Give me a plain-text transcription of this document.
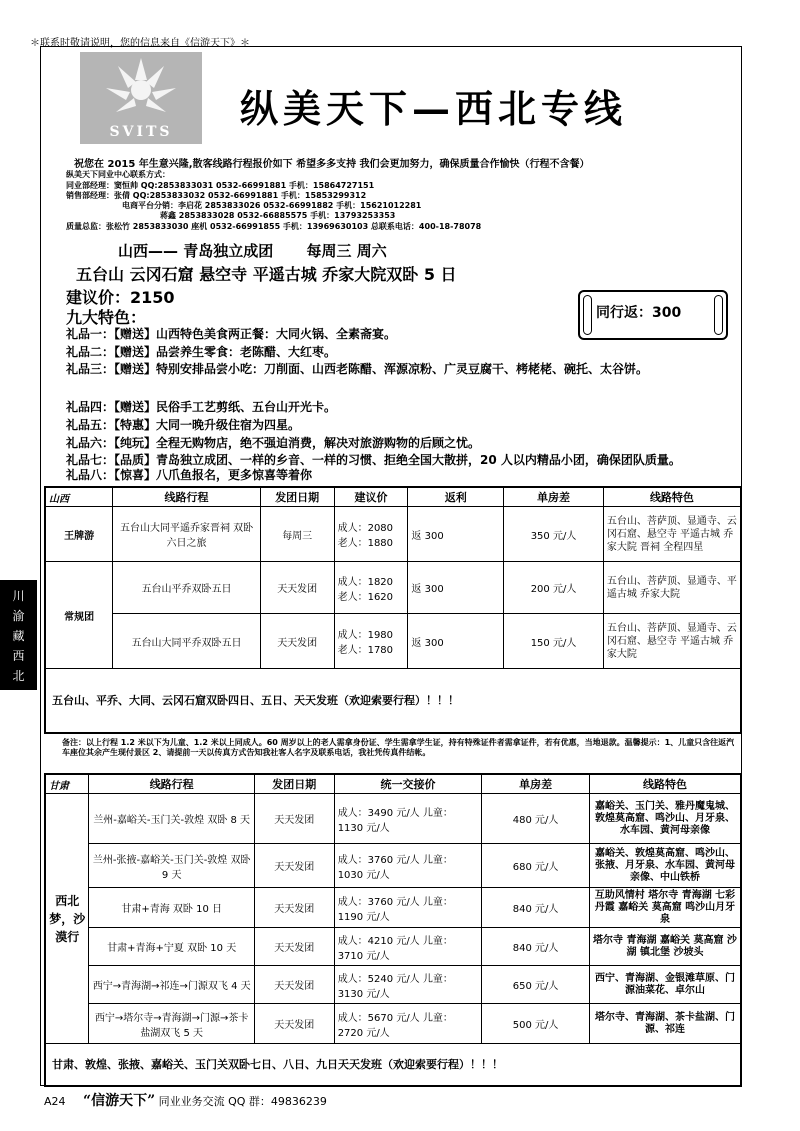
＊联系时敬请说明，您的信息来自《信游天下》＊
SVITS
纵美天下—西北专线
祝您在 2015 年生意兴隆,散客线路行程报价如下 希望多多支持 我们会更加努力，确保质量合作愉快（行程不含餐）
纵美天下同业中心联系方式：
同业部经理：窦恒帅 QQ:2853833031 0532-66991881 手机：15864727151
销售部经理：张倩 QQ:2853833032 0532-66991881 手机：15853299312
电商平台分销：李启花 2853833026 0532-66991882 手机：15621012281
蒋鑫 2853833028 0532-66885575 手机：13793253353
质量总监：张松竹 2853833030 座机 0532-66991855 手机：13969630103 总联系电话：400-18-78078
山西—— 青岛独立成团 每周三 周六
五台山 云冈石窟 悬空寺 平遥古城 乔家大院双卧 5 日
建议价：2150
九大特色：	同行返：300
礼品一：【赠送】山西特色美食两正餐：大同火锅、全素斋宴。
礼品二：【赠送】品尝养生零食：老陈醋、大红枣。
礼品三：【赠送】特别安排品尝小吃：刀削面、山西老陈醋、浑源凉粉、广灵豆腐干、栲栳栳、碗托、太谷饼。
礼品四：【赠送】民俗手工艺剪纸、五台山开光卡。
礼品五：【特惠】大同一晚升级住宿为四星。
礼品六：【纯玩】全程无购物店，绝不强迫消费，解决对旅游购物的后顾之忧。
礼品七：【品质】青岛独立成团、一样的乡音、一样的习惯、拒绝全国大散拼，20 人以内精品小团，确保团队质量。
礼品八：【惊喜】八爪鱼报名，更多惊喜等着你
山西	线路行程	发团日期	建议价	返利	单房差	线路特色
王牌游	五台山大同平遥乔家晋祠 双卧六日之旅	每周三	成人：2080 老人：1880	返 300	350 元/人	五台山、菩萨顶、显通寺、云冈石窟、悬空寺 平遥古城 乔家大院 晋祠 全程四星
常规团	五台山平乔双卧五日	天天发团	成人：1820 老人：1620	返 300	200 元/人	五台山、菩萨顶、显通寺、平遥古城 乔家大院
	五台山大同平乔双卧五日	天天发团	成人：1980 老人：1780	返 300	150 元/人	五台山、菩萨顶、显通寺、云冈石窟、悬空寺 平遥古城 乔家大院
五台山、平乔、大同、云冈石窟双卧四日、五日、天天发班（欢迎索要行程）！！！						
备注：以上行程 1.2 米以下为儿童、1.2 米以上同成人。60 周岁以上的老人需拿身份证、学生需拿学生证，持有特殊证件者需拿证件，若有优惠，当地退款。温馨提示：1、儿童只含往返汽车座位其余产生现付景区 2、请提前一天以传真方式告知我社客人名字及联系电话，我社凭传真件结帐。
甘肃	线路行程	发团日期	统一交接价	单房差	线路特色
西北梦，沙漠行	兰州-嘉峪关-玉门关-敦煌 双卧 8 天	天天发团	成人：3490 元/人 儿童：1130 元/人	480 元/人	嘉峪关、玉门关、雅丹魔鬼城、敦煌莫高窟、鸣沙山、月牙泉、水车园、黄河母亲像
	兰州-张掖-嘉峪关-玉门关-敦煌 双卧 9 天	天天发团	成人：3760 元/人 儿童：1030 元/人	680 元/人	嘉峪关、敦煌莫高窟、鸣沙山、张掖、月牙泉、水车园、黄河母亲像、中山铁桥
	甘肃+青海 双卧 10 日	天天发团	成人：3760 元/人 儿童：1190 元/人	840 元/人	互助风情村 塔尔寺 青海湖 七彩丹霞 嘉峪关 莫高窟 鸣沙山月牙泉
	甘肃+青海+宁夏 双卧 10 天	天天发团	成人：4210 元/人 儿童：3710 元/人	840 元/人	塔尔寺 青海湖 嘉峪关 莫高窟 沙湖 镇北堡 沙坡头
	西宁→青海湖→祁连→门源双飞 4 天	天天发团	成人：5240 元/人 儿童：3130 元/人	650 元/人	西宁、青海湖、金银滩草原、门源油菜花、卓尔山
	西宁→塔尔寺→青海湖→门源→茶卡盐湖双飞 5 天	天天发团	成人：5670 元/人 儿童：2720 元/人	500 元/人	塔尔寺、青海湖、茶卡盐湖、门源、祁连
甘肃、敦煌、张掖、嘉峪关、玉门关双卧七日、八日、九日天天发班（欢迎索要行程）！！！					
川
渝
藏
西
北
A24 “信游天下” 同业业务交流 QQ 群：49836239
